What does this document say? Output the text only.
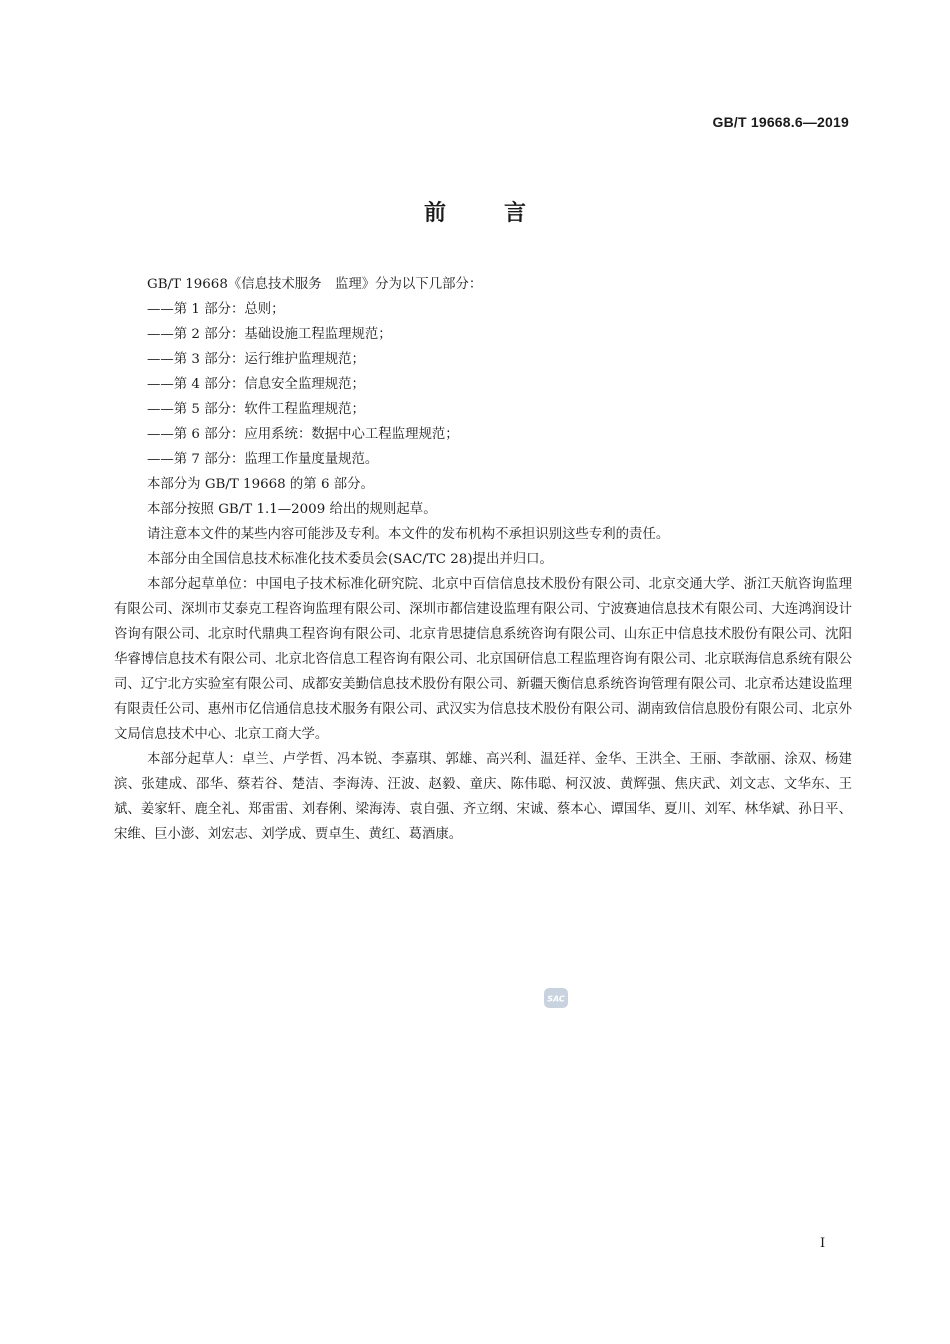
GB/T 19668.6—2019
前	言

GB/T 19668《信息技术服务　监理》分为以下几部分：

——第 1 部分：总则；

——第 2 部分：基础设施工程监理规范；

——第 3 部分：运行维护监理规范；

——第 4 部分：信息安全监理规范；

——第 5 部分：软件工程监理规范；

——第 6 部分：应用系统：数据中心工程监理规范；

——第 7 部分：监理工作量度量规范。

本部分为 GB/T 19668 的第 6 部分。

本部分按照 GB/T 1.1—2009 给出的规则起草。

请注意本文件的某些内容可能涉及专利。本文件的发布机构不承担识别这些专利的责任。

本部分由全国信息技术标准化技术委员会(SAC/TC 28)提出并归口。

本部分起草单位：中国电子技术标准化研究院、北京中百信信息技术股份有限公司、北京交通大学、浙江天航咨询监理有限公司、深圳市艾泰克工程咨询监理有限公司、深圳市都信建设监理有限公司、宁波赛迪信息技术有限公司、大连鸿润设计咨询有限公司、北京时代鼎典工程咨询有限公司、北京肯思捷信息系统咨询有限公司、山东正中信息技术股份有限公司、沈阳华睿博信息技术有限公司、北京北咨信息工程咨询有限公司、北京国研信息工程监理咨询有限公司、北京联海信息系统有限公司、辽宁北方实验室有限公司、成都安美勤信息技术股份有限公司、新疆天衡信息系统咨询管理有限公司、北京希达建设监理有限责任公司、惠州市亿信通信息技术服务有限公司、武汉实为信息技术股份有限公司、湖南致信信息股份有限公司、北京外文局信息技术中心、北京工商大学。

本部分起草人：卓兰、卢学哲、冯本锐、李嘉琪、郭雄、高兴利、温廷祥、金华、王洪全、王丽、李歆丽、涂双、杨建滨、张建成、邵华、蔡若谷、楚洁、李海涛、汪波、赵毅、童庆、陈伟聪、柯汉波、黄辉强、焦庆武、刘文志、文华东、王斌、姜家轩、鹿全礼、郑雷雷、刘春俐、梁海涛、袁自强、齐立纲、宋诚、蔡本心、谭国华、夏川、刘军、林华斌、孙日平、宋维、巨小澎、刘宏志、刘学成、贾卓生、黄红、葛酒康。

SAC
I
